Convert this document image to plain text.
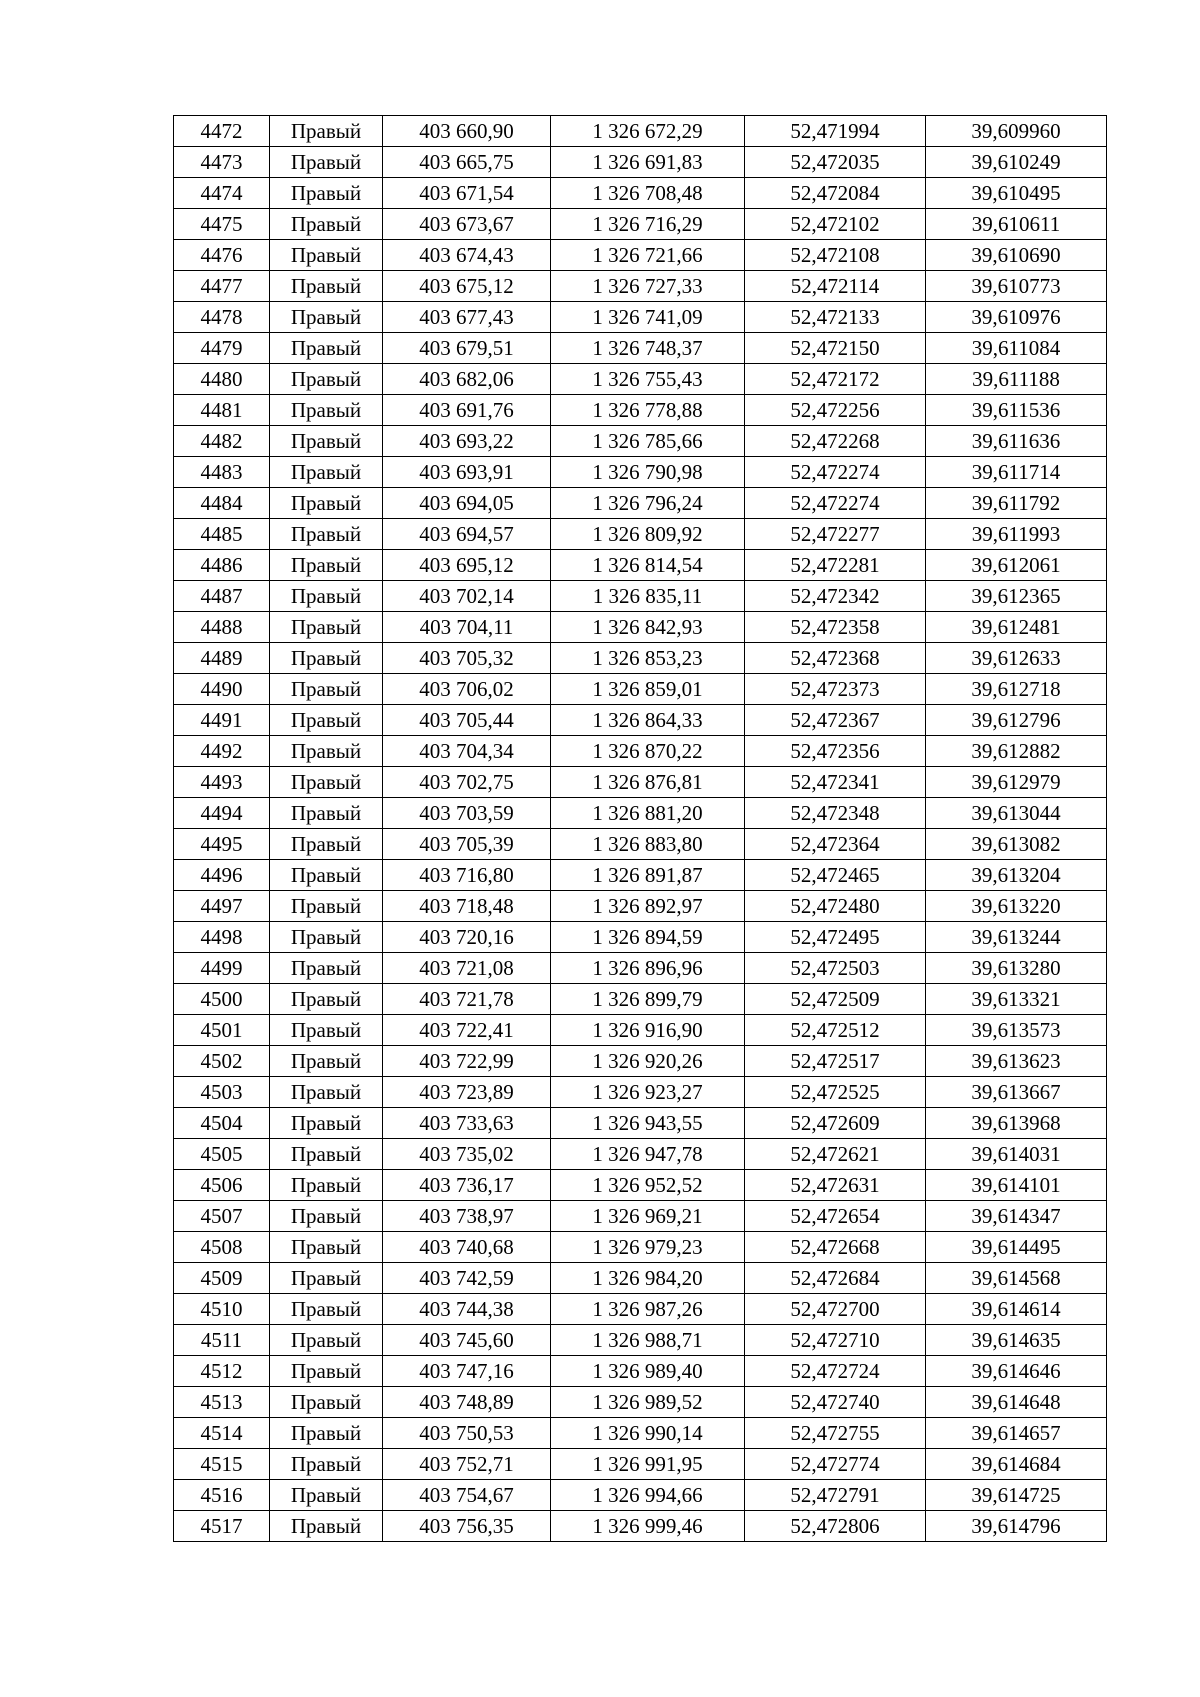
4472	Правый	403 660,90	1 326 672,29	52,471994	39,609960
4473	Правый	403 665,75	1 326 691,83	52,472035	39,610249
4474	Правый	403 671,54	1 326 708,48	52,472084	39,610495
4475	Правый	403 673,67	1 326 716,29	52,472102	39,610611
4476	Правый	403 674,43	1 326 721,66	52,472108	39,610690
4477	Правый	403 675,12	1 326 727,33	52,472114	39,610773
4478	Правый	403 677,43	1 326 741,09	52,472133	39,610976
4479	Правый	403 679,51	1 326 748,37	52,472150	39,611084
4480	Правый	403 682,06	1 326 755,43	52,472172	39,611188
4481	Правый	403 691,76	1 326 778,88	52,472256	39,611536
4482	Правый	403 693,22	1 326 785,66	52,472268	39,611636
4483	Правый	403 693,91	1 326 790,98	52,472274	39,611714
4484	Правый	403 694,05	1 326 796,24	52,472274	39,611792
4485	Правый	403 694,57	1 326 809,92	52,472277	39,611993
4486	Правый	403 695,12	1 326 814,54	52,472281	39,612061
4487	Правый	403 702,14	1 326 835,11	52,472342	39,612365
4488	Правый	403 704,11	1 326 842,93	52,472358	39,612481
4489	Правый	403 705,32	1 326 853,23	52,472368	39,612633
4490	Правый	403 706,02	1 326 859,01	52,472373	39,612718
4491	Правый	403 705,44	1 326 864,33	52,472367	39,612796
4492	Правый	403 704,34	1 326 870,22	52,472356	39,612882
4493	Правый	403 702,75	1 326 876,81	52,472341	39,612979
4494	Правый	403 703,59	1 326 881,20	52,472348	39,613044
4495	Правый	403 705,39	1 326 883,80	52,472364	39,613082
4496	Правый	403 716,80	1 326 891,87	52,472465	39,613204
4497	Правый	403 718,48	1 326 892,97	52,472480	39,613220
4498	Правый	403 720,16	1 326 894,59	52,472495	39,613244
4499	Правый	403 721,08	1 326 896,96	52,472503	39,613280
4500	Правый	403 721,78	1 326 899,79	52,472509	39,613321
4501	Правый	403 722,41	1 326 916,90	52,472512	39,613573
4502	Правый	403 722,99	1 326 920,26	52,472517	39,613623
4503	Правый	403 723,89	1 326 923,27	52,472525	39,613667
4504	Правый	403 733,63	1 326 943,55	52,472609	39,613968
4505	Правый	403 735,02	1 326 947,78	52,472621	39,614031
4506	Правый	403 736,17	1 326 952,52	52,472631	39,614101
4507	Правый	403 738,97	1 326 969,21	52,472654	39,614347
4508	Правый	403 740,68	1 326 979,23	52,472668	39,614495
4509	Правый	403 742,59	1 326 984,20	52,472684	39,614568
4510	Правый	403 744,38	1 326 987,26	52,472700	39,614614
4511	Правый	403 745,60	1 326 988,71	52,472710	39,614635
4512	Правый	403 747,16	1 326 989,40	52,472724	39,614646
4513	Правый	403 748,89	1 326 989,52	52,472740	39,614648
4514	Правый	403 750,53	1 326 990,14	52,472755	39,614657
4515	Правый	403 752,71	1 326 991,95	52,472774	39,614684
4516	Правый	403 754,67	1 326 994,66	52,472791	39,614725
4517	Правый	403 756,35	1 326 999,46	52,472806	39,614796
